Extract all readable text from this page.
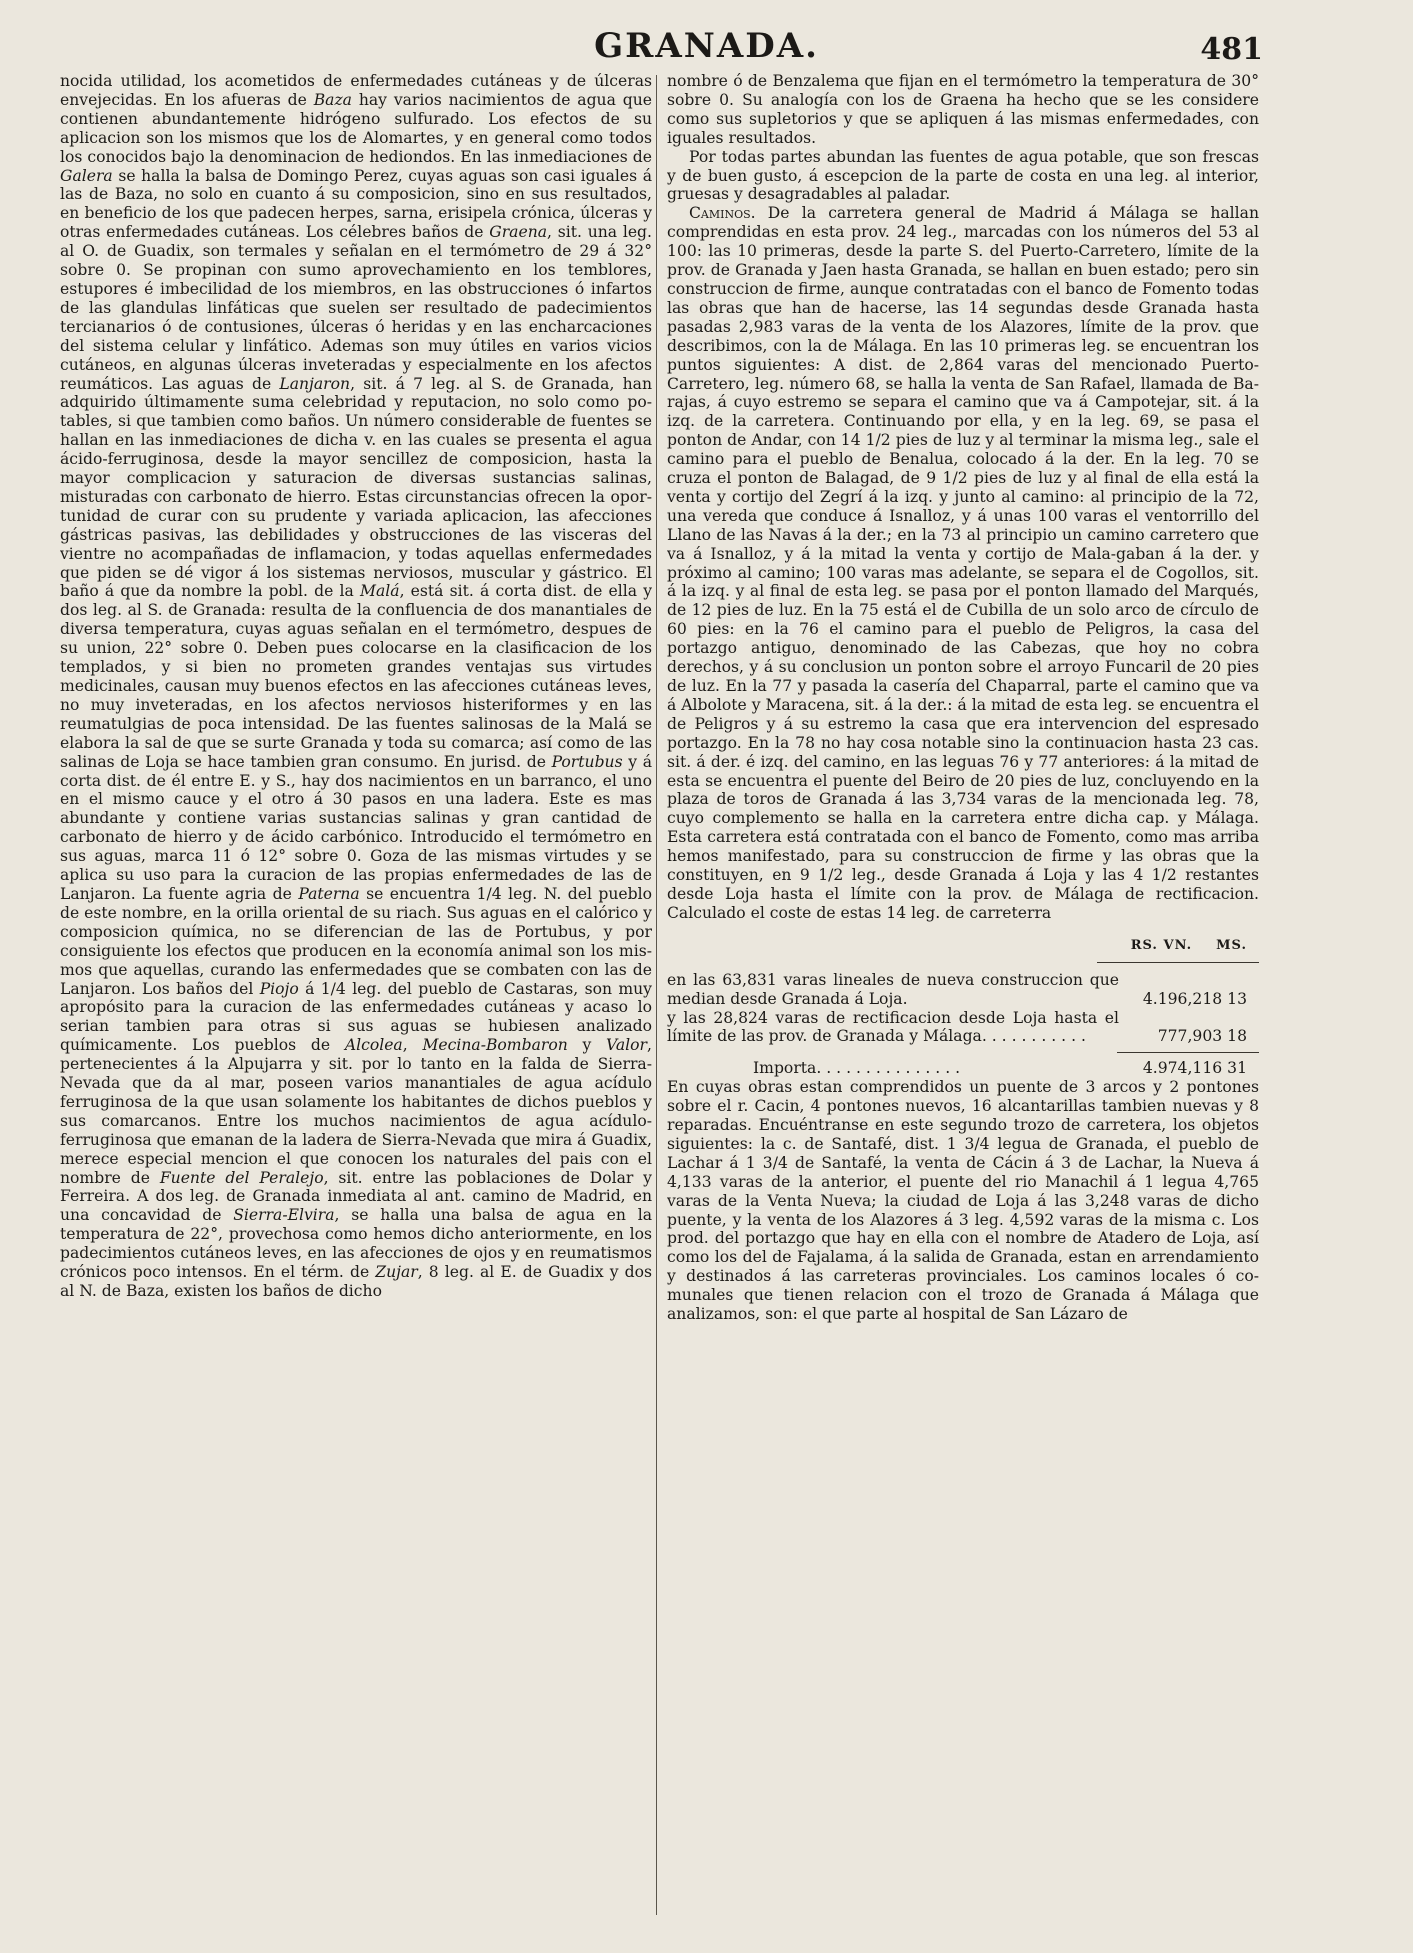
GRANADA.	481

nocida utilidad, los acometidos de enfermedades cutáneas y de úlceras envejecidas. En los afueras de Baza hay varios nacimientos de agua que contienen abundantemente hidrógeno sulfurado. Los efectos de su aplicacion son los mismos que los de Alomartes, y en general como todos los conocidos bajo la denominacion de hediondos. En las inmediaciones de Galera se halla la balsa de Domingo Perez, cuyas aguas son casi iguales á las de Baza, no solo en cuanto á su composicion, sino en sus resultados, en beneficio de los que padecen herpes, sarna, erisipela crónica, úlceras y otras enfermedades cutáneas. Los célebres baños de Graena, sit. una leg. al O. de Guadix, son termales y señalan en el termómetro de 29 á 32° sobre 0. Se propinan con sumo aprovechamiento en los temblores, estupores é imbecilidad de los miembros, en las obstrucciones ó infartos de las glandulas linfáticas que suelen ser resultado de padecimientos tercianarios ó de contusiones, úlceras ó heridas y en las encharcaciones del sistema celular y linfático. Ademas son muy útiles en varios vicios cutáneos, en algunas úlceras inveteradas y especialmente en los afectos reumáticos. Las aguas de Lanjaron, sit. á 7 leg. al S. de Granada, han adquirido últimamente suma celebridad y reputacion, no solo como potables, si que tambien como baños. Un número considerable de fuentes se hallan en las inmediaciones de dicha v. en las cuales se presenta el agua ácido-ferruginosa, desde la mayor sencillez de composicion, hasta la mayor complicacion y saturacion de diversas sustancias salinas, misturadas con carbonato de hierro. Estas circunstancias ofrecen la oportunidad de curar con su prudente y variada aplicacion, las afecciones gástricas pasivas, las debilidades y obstrucciones de las visceras del vientre no acompañadas de inflamacion, y todas aquellas enfermedades que piden se dé vigor á los sistemas nerviosos, muscular y gástrico. El baño á que da nombre la pobl. de la Malá, está sit. á corta dist. de ella y dos leg. al S. de Granada: resulta de la confluencia de dos manantiales de diversa temperatura, cuyas aguas señalan en el termómetro, despues de su union, 22° sobre 0. Deben pues colocarse en la clasificacion de los templados, y si bien no prometen grandes ventajas sus virtudes medicinales, causan muy buenos efectos en las afecciones cutáneas leves, no muy inveteradas, en los afectos nerviosos histeriformes y en las reumatulgias de poca intensidad. De las fuentes salinosas de la Malá se elabora la sal de que se surte Granada y toda su comarca; así como de las salinas de Loja se hace tambien gran consumo. En jurisd. de Portubus y á corta dist. de él entre E. y S., hay dos nacimientos en un barranco, el uno en el mismo cauce y el otro á 30 pasos en una ladera. Este es mas abundante y contiene varias sustancias salinas y gran cantidad de carbonato de hierro y de ácido carbónico. Introducido el termómetro en sus aguas, marca 11 ó 12° sobre 0. Goza de las mismas virtudes y se aplica su uso para la curacion de las propias enfermedades de las de Lanjaron. La fuente agria de Paterna se encuentra 1/4 leg. N. del pueblo de este nombre, en la orilla oriental de su riach. Sus aguas en el calórico y composicion química, no se diferencian de las de Portubus, y por consiguiente los efectos que producen en la economía animal son los mismos que aquellas, curando las enfermedades que se combaten con las de Lanjaron. Los baños del Piojo á 1/4 leg. del pueblo de Castaras, son muy apropósito para la curacion de las enfermedades cutáneas y acaso lo serian tambien para otras si sus aguas se hubiesen analizado químicamente. Los pueblos de Alcolea, Mecina-Bombaron y Valor, pertenecientes á la Alpujarra y sit. por lo tanto en la falda de Sierra-Nevada que da al mar, poseen varios manantiales de agua acídulo ferruginosa de la que usan solamente los habitantes de dichos pueblos y sus comarcanos. Entre los muchos nacimientos de agua acídulo-ferruginosa que emanan de la ladera de Sierra-Nevada que mira á Guadix, merece especial mencion el que conocen los naturales del pais con el nombre de Fuente del Peralejo, sit. entre las poblaciones de Dolar y Ferreira. A dos leg. de Granada inmediata al ant. camino de Madrid, en una concavidad de Sierra-Elvira, se halla una balsa de agua en la temperatura de 22°, provechosa como hemos dicho anteriormente, en los padecimientos cutáneos leves, en las afecciones de ojos y en reumatismos crónicos poco intensos. En el térm. de Zujar, 8 leg. al E. de Guadix y dos al N. de Baza, existen los baños de dicho

nombre ó de Benzalema que fijan en el termómetro la temperatura de 30° sobre 0. Su analogía con los de Graena ha hecho que se les considere como sus supletorios y que se apliquen á las mismas enfermedades, con iguales resultados.

Por todas partes abundan las fuentes de agua potable, que son frescas y de buen gusto, á escepcion de la parte de costa en una leg. al interior, gruesas y desagradables al paladar.

Caminos. De la carretera general de Madrid á Málaga se hallan comprendidas en esta prov. 24 leg., marcadas con los números del 53 al 100: las 10 primeras, desde la parte S. del Puerto-Carretero, límite de la prov. de Granada y Jaen hasta Granada, se hallan en buen estado; pero sin construccion de firme, aunque contratadas con el banco de Fomento todas las obras que han de hacerse, las 14 segundas desde Granada hasta pasadas 2,983 varas de la venta de los Alazores, límite de la prov. que describimos, con la de Málaga. En las 10 primeras leg. se encuentran los puntos siguientes: A dist. de 2,864 varas del mencionado Puerto-Carretero, leg. número 68, se halla la venta de San Rafael, llamada de Barajas, á cuyo estremo se separa el camino que va á Campotejar, sit. á la izq. de la carretera. Continuando por ella, y en la leg. 69, se pasa el ponton de Andar, con 14 1/2 pies de luz y al terminar la misma leg., sale el camino para el pueblo de Benalua, colocado á la der. En la leg. 70 se cruza el ponton de Balagad, de 9 1/2 pies de luz y al final de ella está la venta y cortijo del Zegrí á la izq. y junto al camino: al principio de la 72, una vereda que conduce á Isnalloz, y á unas 100 varas el ventorrillo del Llano de las Navas á la der.; en la 73 al principio un camino carretero que va á Isnalloz, y á la mitad la venta y cortijo de Mala-gaban á la der. y próximo al camino; 100 varas mas adelante, se separa el de Cogollos, sit. á la izq. y al final de esta leg. se pasa por el ponton llamado del Marqués, de 12 pies de luz. En la 75 está el de Cubilla de un solo arco de círculo de 60 pies: en la 76 el camino para el pueblo de Peligros, la casa del portazgo antiguo, denominado de las Cabezas, que hoy no cobra derechos, y á su conclusion un ponton sobre el arroyo Funcaril de 20 pies de luz. En la 77 y pasada la casería del Chaparral, parte el camino que va á Albolote y Maracena, sit. á la der.: á la mitad de esta leg. se encuentra el de Peligros y á su estremo la casa que era intervencion del espresado portazgo. En la 78 no hay cosa notable sino la continuacion hasta 23 cas. sit. á der. é izq. del camino, en las leguas 76 y 77 anteriores: á la mitad de esta se encuentra el puente del Beiro de 20 pies de luz, concluyendo en la plaza de toros de Granada á las 3,734 varas de la mencionada leg. 78, cuyo complemento se halla en la carretera entre dicha cap. y Málaga. Esta carretera está contratada con el banco de Fomento, como mas arriba hemos manifestado, para su construccion de firme y las obras que la constituyen, en 9 1/2 leg., desde Granada á Loja y las 4 1/2 restantes desde Loja hasta el límite con la prov. de Málaga de rectificacion. Calculado el coste de estas 14 leg. de carreterra

RS. VN. MS.
en las 63,831 varas lineales de nueva construccion que median desde Granada á Loja.	4.196,218 13
y las 28,824 varas de rectificacion desde Loja hasta el límite de las prov. de Granada y Málaga. . . . . . . . . . .	777,903 18
Importa. . . . . . . . . . . . . . .	4.974,116 31

En cuyas obras estan comprendidos un puente de 3 arcos y 2 pontones sobre el r. Cacin, 4 pontones nuevos, 16 alcantarillas tambien nuevas y 8 reparadas. Encuéntranse en este segundo trozo de carretera, los objetos siguientes: la c. de Santafé, dist. 1 3/4 legua de Granada, el pueblo de Lachar á 1 3/4 de Santafé, la venta de Cácin á 3 de Lachar, la Nueva á 4,133 varas de la anterior, el puente del rio Manachil á 1 legua 4,765 varas de la Venta Nueva; la ciudad de Loja á las 3,248 varas de dicho puente, y la venta de los Alazores á 3 leg. 4,592 varas de la misma c. Los prod. del portazgo que hay en ella con el nombre de Atadero de Loja, así como los del de Fajalama, á la salida de Granada, estan en arrendamiento y destinados á las carreteras provinciales. Los caminos locales ó comunales que tienen relacion con el trozo de Granada á Málaga que analizamos, son: el que parte al hospital de San Lázaro de
